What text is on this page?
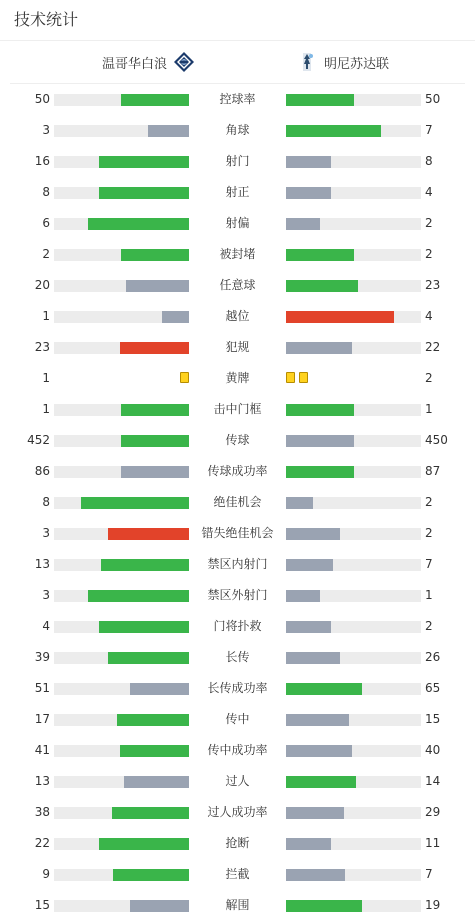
技术统计
温哥华白浪	明尼苏达联
50	控球率	50
3	角球	7
16	射门	8
8	射正	4
6	射偏	2
2	被封堵	2
20	任意球	23
1	越位	4
23	犯规	22
1	黄牌	2
1	击中门框	1
452	传球	450
86	传球成功率	87
8	绝佳机会	2
3	错失绝佳机会	2
13	禁区内射门	7
3	禁区外射门	1
4	门将扑救	2
39	长传	26
51	长传成功率	65
17	传中	15
41	传中成功率	40
13	过人	14
38	过人成功率	29
22	抢断	11
9	拦截	7
15	解围	19
